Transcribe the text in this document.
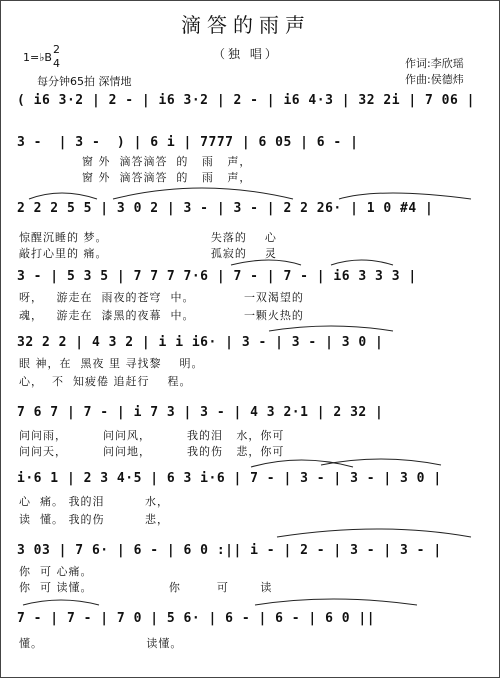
滴答的雨声
（独 唱）
1=♭B
2
4
每分钟65拍 深情地
作词:李欣瑶
作曲:侯德炜
( i6 3·2 | 2 - | i6 3·2 | 2 - | i6 4·3 | 32 2i | 7 06 |
3 -  | 3 -  ) | 6 i | 7777 | 6 05 | 6 - |
窗 外  滴答滴答  的   雨   声，
窗 外  滴答滴答  的   雨   声，
2 2 2 5 5 | 3 0 2 | 3 - | 3 - | 2 2 26· | 1 0 #4 |
惊醒沉睡的 梦。                       失落的    心
敲打心里的 痛。                       孤寂的    灵
3 - | 5 3 5 | 7 7 7 7·6 | 7 - | 7 - | i6 3 3 3 |
呀，   游走在  雨夜的苍穹  中。           一双渴望的
魂，   游走在  漆黑的夜幕  中。           一颗火热的
32 2 2 | 4 3 2 | i i i6· | 3 - | 3 - | 3 0 |
眼 神，在  黑夜 里 寻找黎    明。
心，  不  知疲倦 追赶行    程。
7 6 7 | 7 - | i 7 3 | 3 - | 4 3 2·1 | 2 32 |
问问雨，        问问风，        我的泪   水，你可
问问天，        问问地，        我的伤   悲，你可
i·6 1 | 2 3 4·5 | 6 3 i·6 | 7 - | 3 - | 3 - | 3 0 |
心  痛。 我的泪         水，
读  懂。 我的伤         悲，
3 03 | 7 6· | 6 - | 6 0 :|| i - | 2 - | 3 - | 3 - |
你  可 心痛。
你  可 读懂。                 你        可       读
7 - | 7 - | 7 0 | 5 6· | 6 - | 6 - | 6 0 ||
懂。                       读懂。
